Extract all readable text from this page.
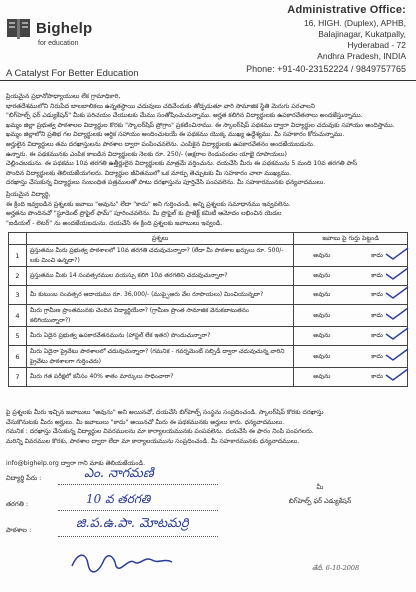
Bighelp
for education
A Catalyst For Better Education
Administrative Office:
16, HIGH. (Duplex), APHB,
Balajinagar, Kukatpally,
Hyderabad - 72
Andhra Pradesh, INDIA
Phone: +91-40-23152224 / 9849757765
ప్రియమైన ప్రధానోపాధ్యాయులు లేక గ్రామాధికారి,
భారతదేశములోని నిరుపేద బాలబాలికలు ఉన్నతస్థాయి చదువులు చదివేందుకు తోడ్పడుతూ వారి సామాజిక స్థితి మెరుగు పరచాలని
"బిగ్‌హెల్ప్ ఫర్ ఎడ్యుకేషన్" మీకు పరిచయం చేయుటకు మేము సంతోషించుచున్నాము. అర్హత కలిగిన విద్యార్థులకు ఉపకారవేతనాలు అందజేస్తున్నాము.
ఖమ్మం జిల్లా ప్రభుత్వ పాఠశాలల విద్యార్థుల కొరకు "స్కాలర్‌షిప్ ప్రోగ్రాం" ప్రకటించినాము. ఈ స్కాలర్‌షిప్ పథకము ద్వారా విద్యార్థుల చదువుకు సహాయం అందిస్తాము.
ఖమ్మం జిల్లాలోని ప్రతిభ గల విద్యార్థులకు ఆర్థిక సహాయం అందించుటయే ఈ పథకము యొక్క ముఖ్య ఉద్దేశ్యము. మీ సహకారం కోరుచున్నాము.
అర్హులైన విద్యార్థులు తమ దరఖాస్తులను పాఠశాల ద్వారా పంపించవలెను. ఎంపికైన విద్యార్థులకు ఉపకారవేతనం అందజేయబడును.
ఉన్నారు. ఈ పథకమునకు ఎంపిక కాబడిన విద్యార్థులకు నెలకు రూ. 250/- (అక్షరాల రెండువందల యాభై రూపాయలు)
చెల్లించబడును. ఈ పథకము 10వ తరగతి ఉత్తీర్ణులైన విద్యార్థులకు మాత్రమే వర్తించును. దయచేసి మీరు ఈ పథకమును 5 మంది 10వ తరగతి పాస్
పొందిన విద్యార్థులకు తెలియజేయగలరు. విద్యార్థుల జీవితములో ఒక మార్పు తెచ్చుటకు మీ సహకారం చాలా ముఖ్యము.
దరఖాస్తు చేసుకున్న విద్యార్థులు సంబంధిత పత్రములతో పాటు దరఖాస్తును పూర్తిచేసి పంపవలెను. మీ సహకారమునకు ధన్యవాదములు.
ప్రియమైన విద్యార్థి,
ఈ క్రింది ఇవ్వబడిన ప్రశ్నలకు జవాబు "అవును" లేదా "కాదు" అని గుర్తించండి. అన్ని ప్రశ్నలకు సమాధానము ఇవ్వవలెను.
అర్హతను పొందినచో "స్టూడెంట్ ప్రొఫైల్ ఫామ్" పూరించవలెను. మీ ప్రొఫైల్ కు ప్రాజెక్ట్ కమిటీ ఆమోదం లభించిన యెడల
"ఐడియల్ - లెటర్" ను అందజేయబడును. దయచేసి ఈ క్రింది ప్రశ్నలకు జవాబులు ఇవ్వండి.
	ప్రశ్నలు	జవాబు పై గుర్తు పెట్టండి
1	ప్రస్తుతము మీరు ప్రభుత్వ పాఠశాలలో 10వ తరగతి చదువుచున్నారా? (లేదా మీ పాఠశాల ఖర్చులు రూ. 500/-లకు మించి ఉన్నదా?)	అవును కాదు

2	ప్రస్తుతము మీకు 14 సంవత్సరముల వయస్సు కలిగి 10వ తరగతిని చదువుచున్నారా?	అవును కాదు

3	మీ కుటుంబ సంవత్సర ఆదాయము రూ. 36,000/- (ముప్పైఆరు వేల రూపాయలు) మించియున్నదా?	అవును కాదు

4	మీరు గ్రామీణ ప్రాంతమునకు చెందిన విద్యార్థియేనా? (గ్రామీణ ప్రాంత సామాజిక వెనుకబాటుతనం కలిగియున్నారా?)	అవును కాదు

5	మీరు ఏదైన ప్రభుత్వ ఉపకారవేతనమును (హాస్టల్ లేక ఇతర) పొందుచున్నారా?	అవును కాదు

6	మీరు ఏదైనా ప్రైవేటు పాఠశాలలో చదువుచున్నారా? (గమనిక - గవర్నమెంట్ సబ్సిడీ ద్వారా చదువుచున్న వారిని ప్రైవేటు పాఠశాలగా గుర్తించరు)	అవును కాదు

7	మీరు గత పరీక్షలో కనీసం 40% శాతం మార్కులు సాధించారా?	అవును కాదు
పై ప్రశ్నలకు మీరు ఇచ్చిన జవాబులు "అవును" అని అయినచో, దయచేసి బిగ్‌హెల్ప్ సంస్థను సంప్రదించండి. స్కాలర్‌షిప్ కొరకు దరఖాస్తు
చేసుకొనుటకు మీరు అర్హులు. మీ జవాబులు "కాదు" అయినచో మీరు ఈ పథకమునకు అర్హులు కారు. ధన్యవాదములు.
గమనిక : దరఖాస్తు చేసుకున్న విద్యార్థుల వివరములను మా కార్యాలయమునకు పంపవలెను. దయచేసి ఈ ఫారం నింపి పంపగలరు.
మరిన్ని వివరముల కొరకు, పాఠశాల ద్వారా లేదా మా కార్యాలయమును సంప్రదించండి. మీ సహకారమునకు ధన్యవాదములు.
info@bighelp.org ద్వారా గాని మాకు తెలియజేయండి.
విద్యార్థి పేరు :	ఎం. నాగమణి
తరగతి :	10 వ తరగతి
పాఠశాల :	జి.ప.ఉ.పా. మోటమర్రి
మీ
బిగ్‌హెల్ప్ ఫర్ ఎడ్యుకేషన్
తేదీ. 6-10-2008
